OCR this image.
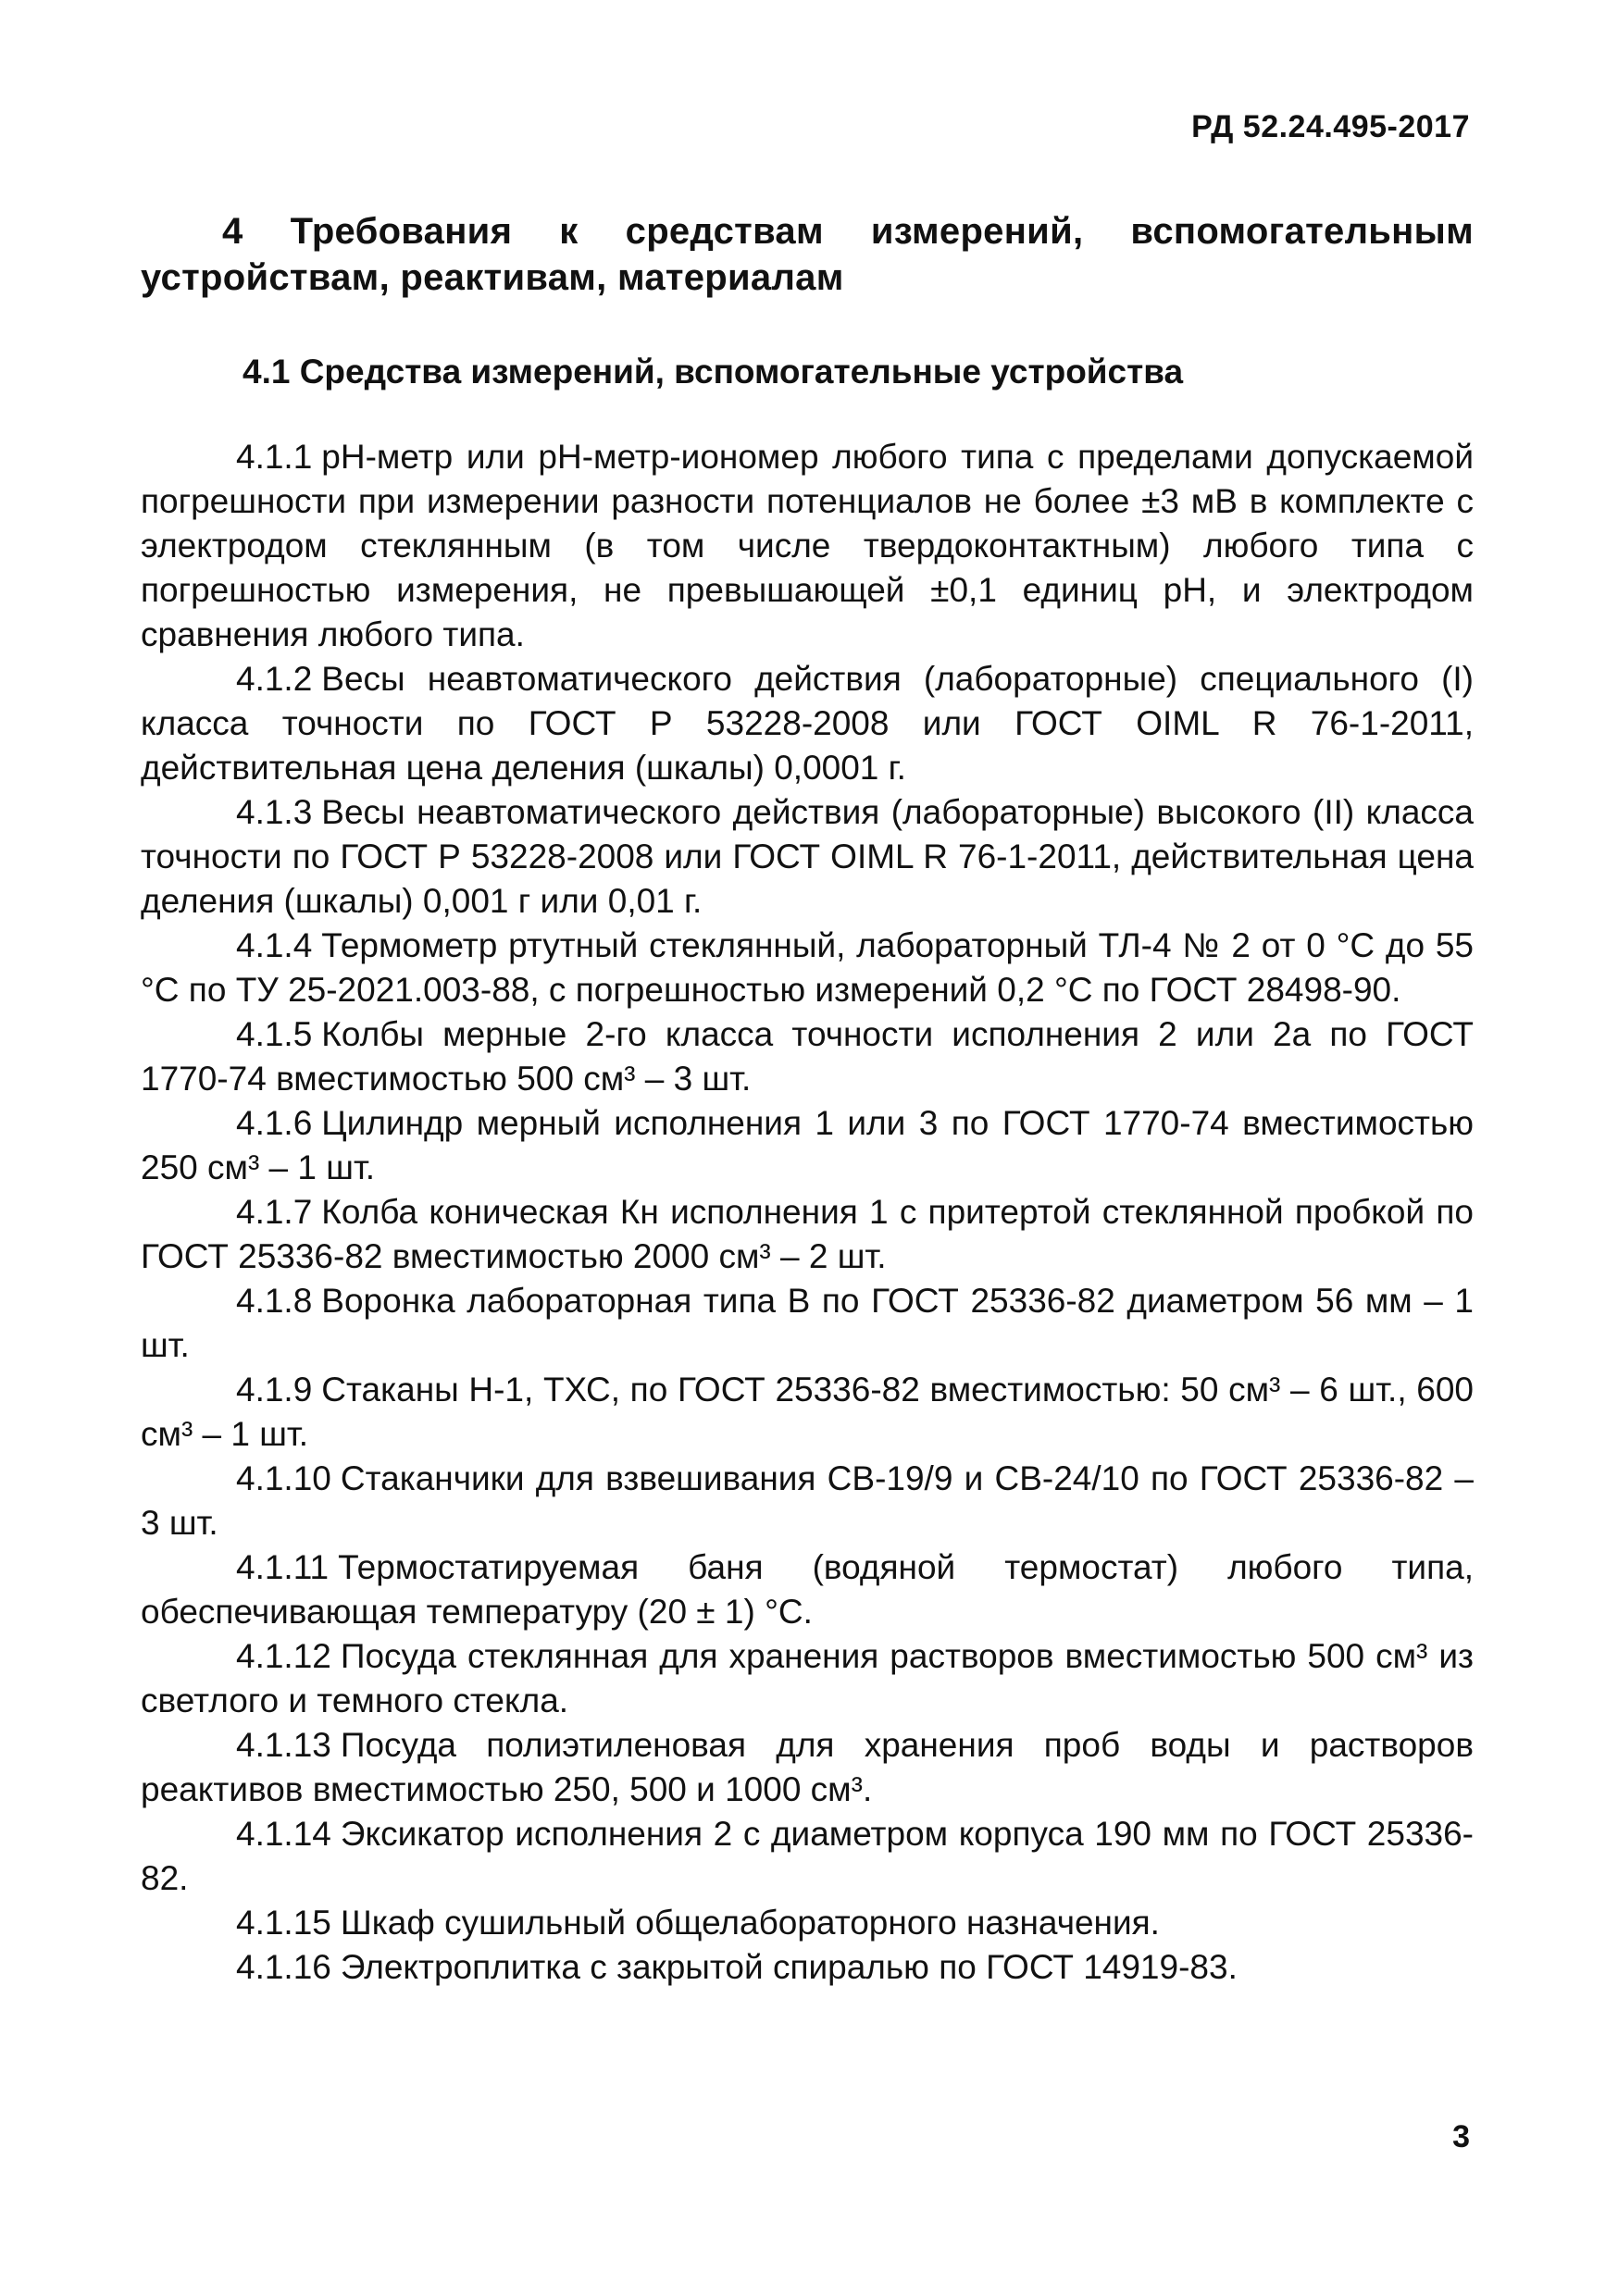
РД 52.24.495-2017
4 Требования к средствам измерений, вспомогательным устройствам, реактивам, материалам
4.1 Средства измерений, вспомогательные устройства

4.1.1 pH-метр или pH-метр-иономер любого типа с пределами допускаемой погрешности при измерении разности потенциалов не более ±3 мВ в комплекте с электродом стеклянным (в том числе твердоконтактным) любого типа с погрешностью измерения, не превышающей ±0,1 единиц pH, и электродом сравнения любого типа.

4.1.2 Весы неавтоматического действия (лабораторные) специального (I) класса точности по ГОСТ Р 53228-2008 или ГОСТ OIML R 76-1-2011, действительная цена деления (шкалы) 0,0001 г.

4.1.3 Весы неавтоматического действия (лабораторные) высокого (II) класса точности по ГОСТ Р 53228-2008 или ГОСТ OIML R 76-1-2011, действительная цена деления (шкалы) 0,001 г или 0,01 г.

4.1.4 Термометр ртутный стеклянный, лабораторный ТЛ-4 № 2 от 0 °С до 55 °С по ТУ 25-2021.003-88, с погрешностью измерений 0,2 °С по ГОСТ 28498-90.

4.1.5 Колбы мерные 2-го класса точности исполнения 2 или 2а по ГОСТ 1770-74 вместимостью 500 см³ – 3 шт.

4.1.6 Цилиндр мерный исполнения 1 или 3 по ГОСТ 1770-74 вместимостью 250 см³ – 1 шт.

4.1.7 Колба коническая Кн исполнения 1 с притертой стеклянной пробкой по ГОСТ 25336-82 вместимостью 2000 см³ – 2 шт.

4.1.8 Воронка лабораторная типа В по ГОСТ 25336-82 диаметром 56 мм – 1 шт.

4.1.9 Стаканы Н-1, ТХС, по ГОСТ 25336-82 вместимостью: 50 см³ – 6 шт., 600 см³ – 1 шт.

4.1.10 Стаканчики для взвешивания СВ-19/9 и СВ-24/10 по ГОСТ 25336-82 – 3 шт.

4.1.11 Термостатируемая баня (водяной термостат) любого типа, обеспечивающая температуру (20 ± 1) °С.

4.1.12 Посуда стеклянная для хранения растворов вместимостью 500 см³ из светлого и темного стекла.

4.1.13 Посуда полиэтиленовая для хранения проб воды и растворов реактивов вместимостью 250, 500 и 1000 см³.

4.1.14 Эксикатор исполнения 2 с диаметром корпуса 190 мм по ГОСТ 25336-82.

4.1.15 Шкаф сушильный общелабораторного назначения.

4.1.16 Электроплитка с закрытой спиралью по ГОСТ 14919-83.

3
